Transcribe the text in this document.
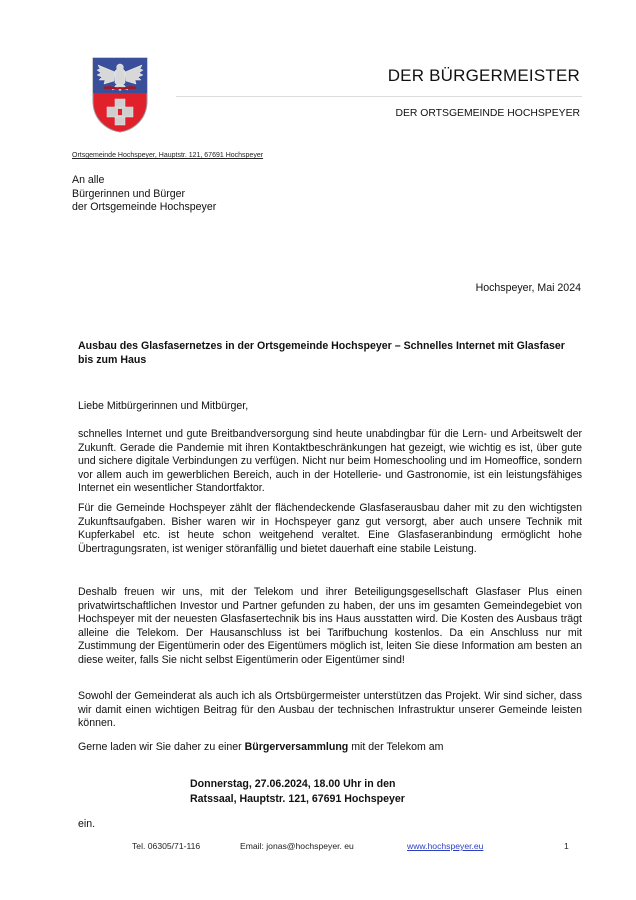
DER BÜRGERMEISTER
DER ORTSGEMEINDE HOCHSPEYER
Ortsgemeinde Hochspeyer, Hauptstr. 121, 67691 Hochspeyer
An alle
Bürgerinnen und Bürger
der Ortsgemeinde Hochspeyer
Hochspeyer, Mai 2024
Ausbau des Glasfasernetzes in der Ortsgemeinde Hochspeyer – Schnelles Internet mit Glasfaser bis zum Haus
Liebe Mitbürgerinnen und Mitbürger,
schnelles Internet und gute Breitbandversorgung sind heute unabdingbar für die Lern- und Arbeitswelt der Zukunft. Gerade die Pandemie mit ihren Kontaktbeschränkungen hat gezeigt, wie wichtig es ist, über gute und sichere digitale Verbindungen zu verfügen. Nicht nur beim Homeschooling und im Homeoffice, sondern vor allem auch im gewerblichen Bereich, auch in der Hotellerie- und Gastronomie, ist ein leistungsfähiges Internet ein wesentlicher Standortfaktor.
Für die Gemeinde Hochspeyer zählt der flächendeckende Glasfaserausbau daher mit zu den wichtigsten Zukunftsaufgaben. Bisher waren wir in Hochspeyer ganz gut versorgt, aber auch unsere Technik mit Kupferkabel etc. ist heute schon weitgehend veraltet. Eine Glasfaseranbindung ermöglicht hohe Übertragungsraten, ist weniger störanfällig und bietet dauerhaft eine stabile Leistung.
Deshalb freuen wir uns, mit der Telekom und ihrer Beteiligungsgesellschaft Glasfaser Plus einen privatwirtschaftlichen Investor und Partner gefunden zu haben, der uns im gesamten Gemeindegebiet von Hochspeyer mit der neuesten Glasfasertechnik bis ins Haus ausstatten wird. Die Kosten des Ausbaus trägt alleine die Telekom. Der Hausanschluss ist bei Tarifbuchung kostenlos. Da ein Anschluss nur mit Zustimmung der Eigentümerin oder des Eigentümers möglich ist, leiten Sie diese Information am besten an diese weiter, falls Sie nicht selbst Eigentümerin oder Eigentümer sind!
Sowohl der Gemeinderat als auch ich als Ortsbürgermeister unterstützen das Projekt. Wir sind sicher, dass wir damit einen wichtigen Beitrag für den Ausbau der technischen Infrastruktur unserer Gemeinde leisten können.
Gerne laden wir Sie daher zu einer Bürgerversammlung mit der Telekom am
Donnerstag, 27.06.2024, 18.00 Uhr in den
Ratssaal, Hauptstr. 121, 67691 Hochspeyer
ein.
Tel. 06305/71-116	Email: jonas@hochspeyer. eu	www.hochspeyer.eu	1
